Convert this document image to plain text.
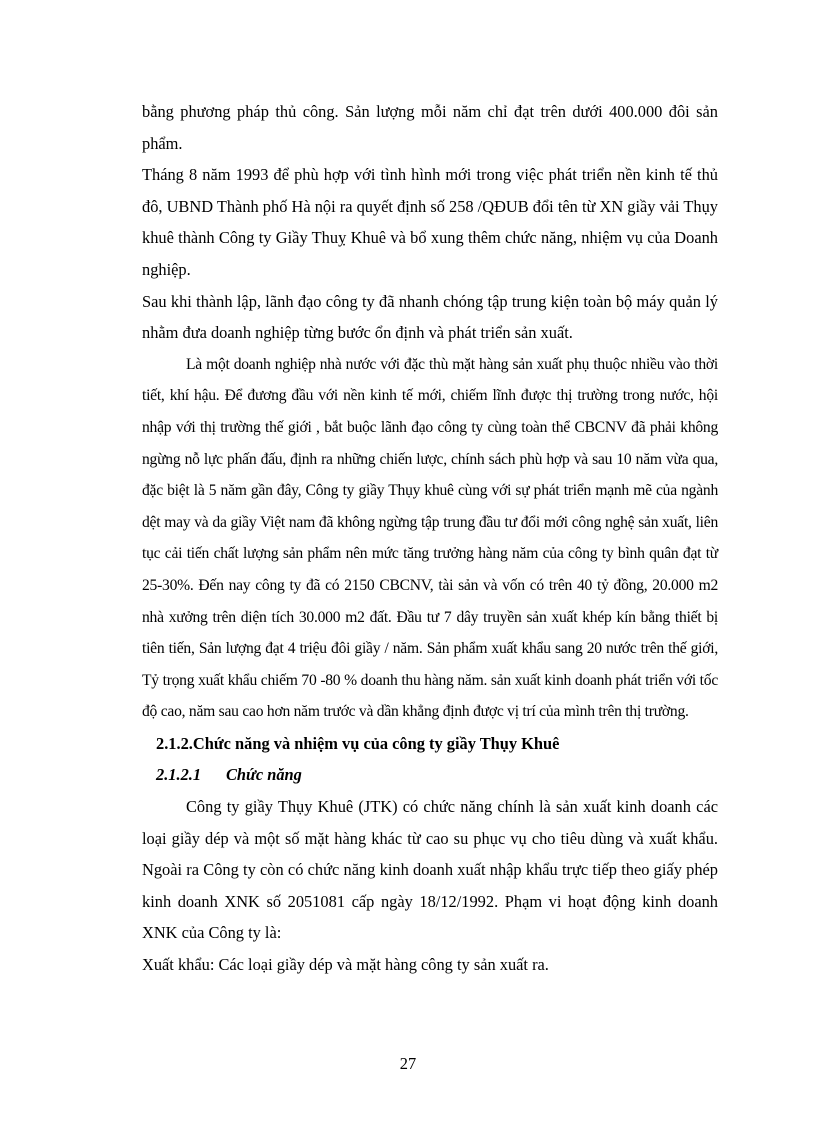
bằng phương pháp thủ công. Sản lượng mỗi năm chỉ đạt trên dưới 400.000 đôi sản phẩm.

Tháng 8 năm 1993 để phù hợp với tình hình mới trong việc phát triển nền kinh tế thủ đô, UBND Thành phố Hà nội ra quyết định số 258 /QĐUB đổi tên từ XN giầy vải Thụy khuê thành Công ty Giầy Thuỵ Khuê và bổ xung thêm chức năng, nhiệm vụ của Doanh nghiệp.

Sau khi thành lập, lãnh đạo công ty đã nhanh chóng tập trung kiện toàn bộ máy quản lý nhằm đưa doanh nghiệp từng bước ổn định và phát triển sản xuất.

Là một doanh nghiệp nhà nước với đặc thù mặt hàng sản xuất phụ thuộc nhiều vào thời tiết, khí hậu. Để đương đầu với nền kinh tế mới, chiếm lĩnh được thị trường trong nước, hội nhập với thị trường thế giới , bắt buộc lãnh đạo công ty cùng toàn thể CBCNV đã phải không ngừng nỗ lực phấn đấu, định ra những chiến lược, chính sách phù hợp và sau 10 năm vừa qua, đặc biệt là 5 năm gần đây, Công ty giầy Thụy khuê cùng với sự phát triển mạnh mẽ của ngành dệt may và da giầy Việt nam đã không ngừng tập trung đầu tư đổi mới công nghệ sản xuất, liên tục cải tiến chất lượng sản phẩm nên mức tăng trưởng hàng năm của công ty bình quân đạt từ 25-30%. Đến nay công ty đã có 2150 CBCNV, tài sản và vốn có trên 40 tỷ đồng, 20.000 m2 nhà xưởng trên diện tích 30.000 m2 đất. Đầu tư 7 dây truyền sản xuất khép kín bằng thiết bị tiên tiến, Sản lượng đạt 4 triệu đôi giầy / năm. Sản phẩm xuất khẩu sang 20 nước trên thế giới, Tỷ trọng xuất khẩu chiếm 70 -80 % doanh thu hàng năm. sản xuất kinh doanh phát triển với tốc độ cao, năm sau cao hơn năm trước và dần khẳng định được vị trí của mình trên thị trường.

2.1.2.Chức năng và nhiệm vụ của công ty giầy Thụy Khuê
2.1.2.1 Chức năng

Công ty giầy Thụy Khuê (JTK) có chức năng chính là sản xuất kinh doanh các loại giầy dép và một số mặt hàng khác từ cao su phục vụ cho tiêu dùng và xuất khẩu. Ngoài ra Công ty còn có chức năng kinh doanh xuất nhập khẩu trực tiếp theo giấy phép kinh doanh XNK số 2051081 cấp ngày 18/12/1992. Phạm vi hoạt động kinh doanh XNK của Công ty là:

Xuất khẩu: Các loại giầy dép và mặt hàng công ty sản xuất ra.

27
